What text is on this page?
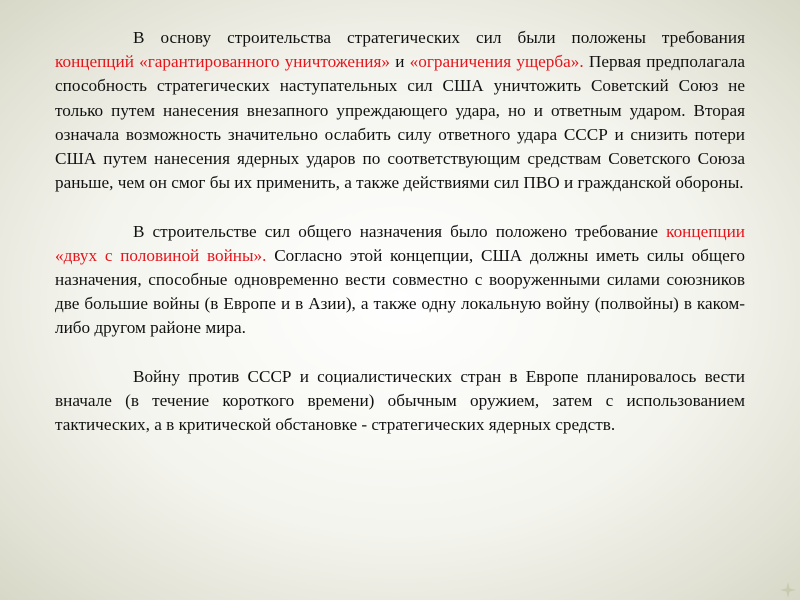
В основу строительства стратегических сил были положены требования концепций «гарантированного уничтожения» и «ограничения ущерба». Первая предполагала способность стратегических наступательных сил США уничтожить Советский Союз не только путем нанесения внезапного упреждающего удара, но и ответным ударом. Вторая означала возможность значительно ослабить силу ответного удара СССР и снизить потери США путем нанесения ядерных ударов по соответствующим средствам Советского Союза раньше, чем он смог бы их применить, а также действиями сил ПВО и гражданской обороны.

В строительстве сил общего назначения было положено требование концепции «двух с половиной войны». Согласно этой концепции, США должны иметь силы общего назначения, способные одновременно вести совместно с вооруженными силами союзников две большие войны (в Европе и в Азии), а также одну локальную войну (полвойны) в каком-либо другом районе мира.

Войну против СССР и социалистических стран в Европе планировалось вести вначале (в течение короткого времени) обычным оружием, затем с использованием тактических, а в критической обстановке - стратегических ядерных средств.
